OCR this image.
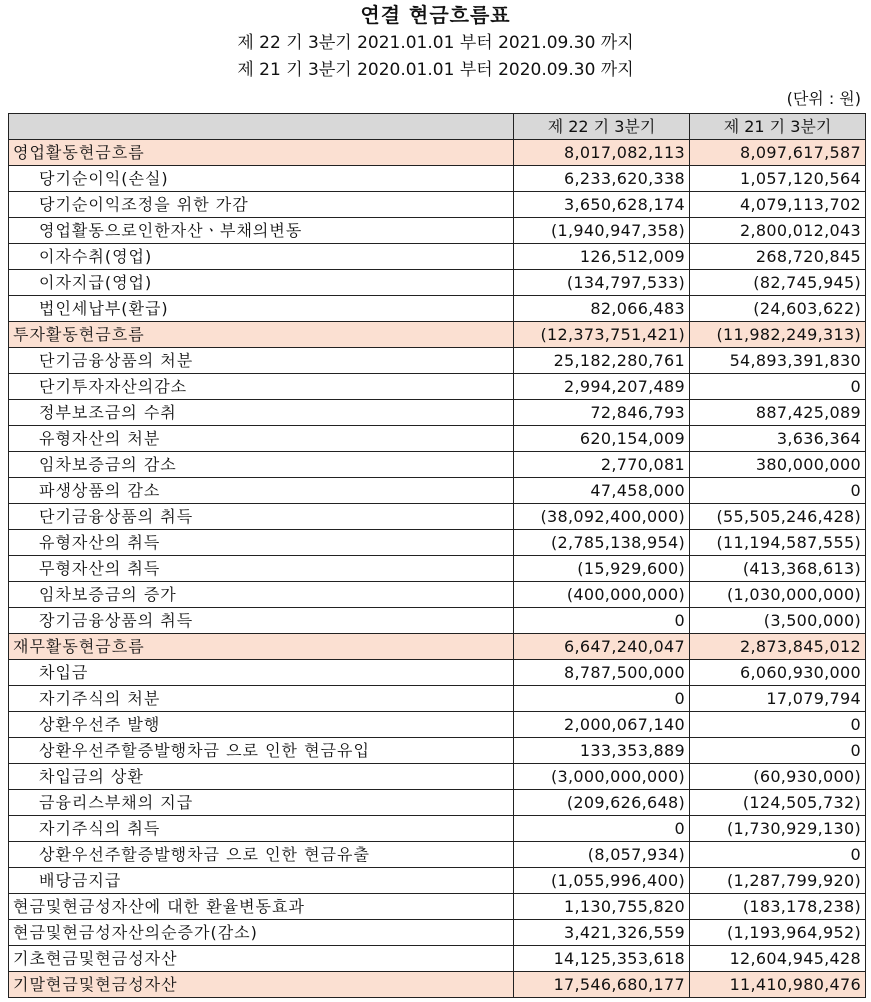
연결 현금흐름표
제 22 기 3분기 2021.01.01 부터 2021.09.30 까지
제 21 기 3분기 2020.01.01 부터 2020.09.30 까지
(단위 : 원)
	제 22 기 3분기	제 21 기 3분기
영업활동현금흐름	8,017,082,113	8,097,617,587
당기순이익(손실)	6,233,620,338	1,057,120,564
당기순이익조정을 위한 가감	3,650,628,174	4,079,113,702
영업활동으로인한자산ㆍ부채의변동	(1,940,947,358)	2,800,012,043
이자수취(영업)	126,512,009	268,720,845
이자지급(영업)	(134,797,533)	(82,745,945)
법인세납부(환급)	82,066,483	(24,603,622)
투자활동현금흐름	(12,373,751,421)	(11,982,249,313)
단기금융상품의 처분	25,182,280,761	54,893,391,830
단기투자자산의감소	2,994,207,489	0
정부보조금의 수취	72,846,793	887,425,089
유형자산의 처분	620,154,009	3,636,364
임차보증금의 감소	2,770,081	380,000,000
파생상품의 감소	47,458,000	0
단기금융상품의 취득	(38,092,400,000)	(55,505,246,428)
유형자산의 취득	(2,785,138,954)	(11,194,587,555)
무형자산의 취득	(15,929,600)	(413,368,613)
임차보증금의 증가	(400,000,000)	(1,030,000,000)
장기금융상품의 취득	0	(3,500,000)
재무활동현금흐름	6,647,240,047	2,873,845,012
차입금	8,787,500,000	6,060,930,000
자기주식의 처분	0	17,079,794
상환우선주 발행	2,000,067,140	0
상환우선주할증발행차금 으로 인한 현금유입	133,353,889	0
차입금의 상환	(3,000,000,000)	(60,930,000)
금융리스부채의 지급	(209,626,648)	(124,505,732)
자기주식의 취득	0	(1,730,929,130)
상환우선주할증발행차금 으로 인한 현금유출	(8,057,934)	0
배당금지급	(1,055,996,400)	(1,287,799,920)
현금및현금성자산에 대한 환율변동효과	1,130,755,820	(183,178,238)
현금및현금성자산의순증가(감소)	3,421,326,559	(1,193,964,952)
기초현금및현금성자산	14,125,353,618	12,604,945,428
기말현금및현금성자산	17,546,680,177	11,410,980,476
